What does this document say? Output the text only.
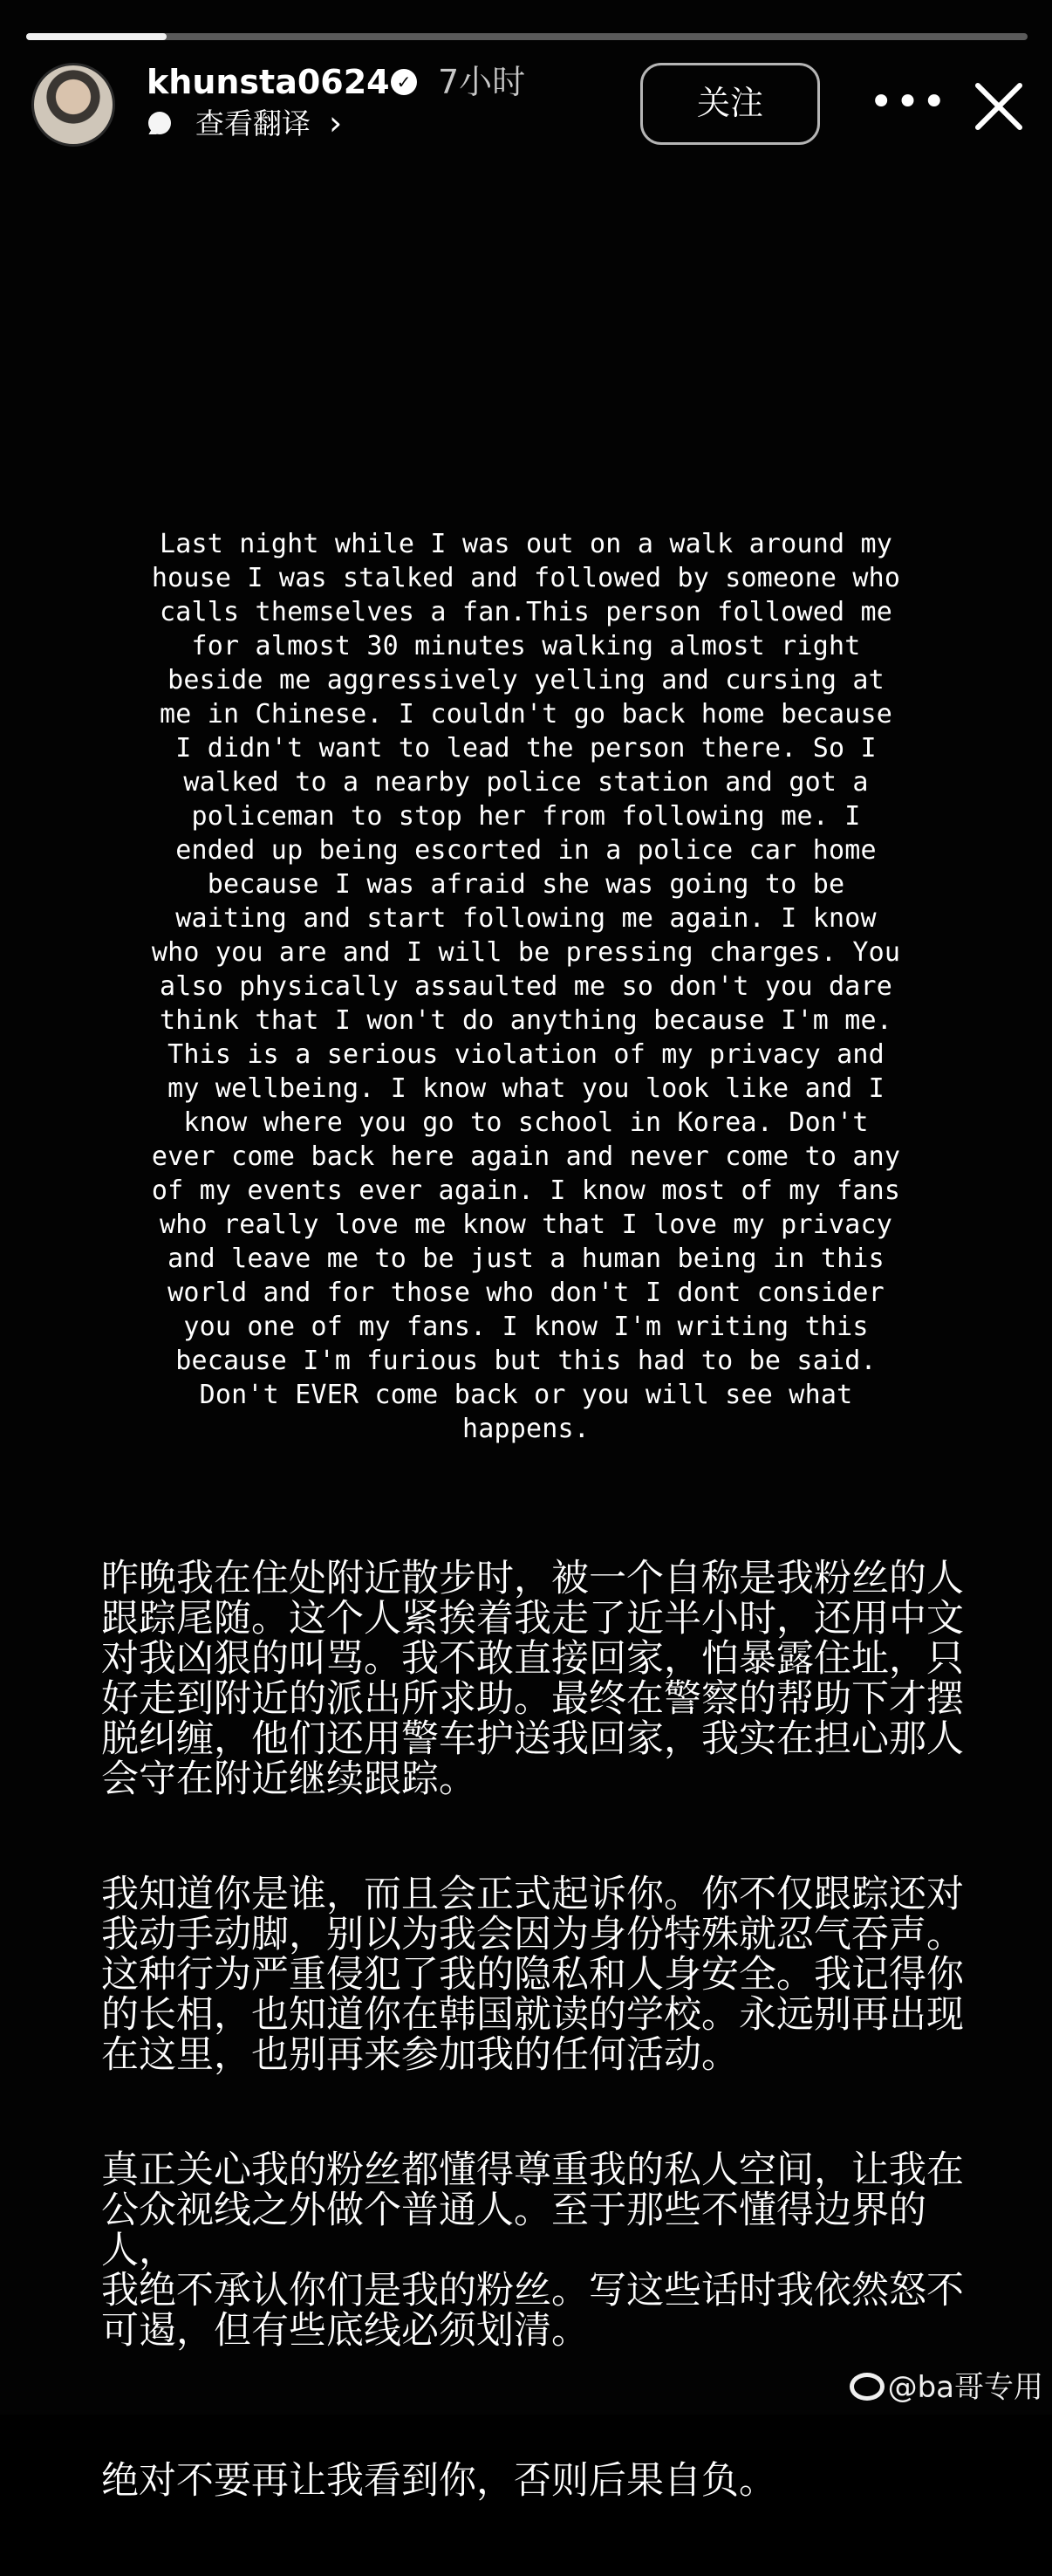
khunsta0624 ✓ 7小时
查看翻译 ›	关注	•••
Last night while I was out on a walk around my
house I was stalked and followed by someone who
calls themselves a fan.This person followed me
for almost 30 minutes walking almost right
beside me aggressively yelling and cursing at
me in Chinese. I couldn't go back home because
I didn't want to lead the person there. So I
walked to a nearby police station and got a
policeman to stop her from following me. I
ended up being escorted in a police car home
because I was afraid she was going to be
waiting and start following me again. I know
who you are and I will be pressing charges. You
also physically assaulted me so don't you dare
think that I won't do anything because I'm me.
This is a serious violation of my privacy and
my wellbeing. I know what you look like and I
know where you go to school in Korea. Don't
ever come back here again and never come to any
of my events ever again. I know most of my fans
who really love me know that I love my privacy
and leave me to be just a human being in this
world and for those who don't I dont consider
you one of my fans. I know I'm writing this
because I'm furious but this had to be said.
Don't EVER come back or you will see what
happens.

昨晚我在住处附近散步时，被一个自称是我粉丝的人
跟踪尾随。这个人紧挨着我走了近半小时，还用中文
对我凶狠的叫骂。我不敢直接回家，怕暴露住址，只
好走到附近的派出所求助。最终在警察的帮助下才摆
脱纠缠，他们还用警车护送我回家，我实在担心那人
会守在附近继续跟踪。

我知道你是谁，而且会正式起诉你。你不仅跟踪还对
我动手动脚，别以为我会因为身份特殊就忍气吞声。
这种行为严重侵犯了我的隐私和人身安全。我记得你
的长相，也知道你在韩国就读的学校。永远别再出现
在这里，也别再来参加我的任何活动。

真正关心我的粉丝都懂得尊重我的私人空间，让我在
公众视线之外做个普通人。至于那些不懂得边界的人，
我绝不承认你们是我的粉丝。写这些话时我依然怒不
可遏，但有些底线必须划清。

绝对不要再让我看到你，否则后果自负。

@ba哥专用
